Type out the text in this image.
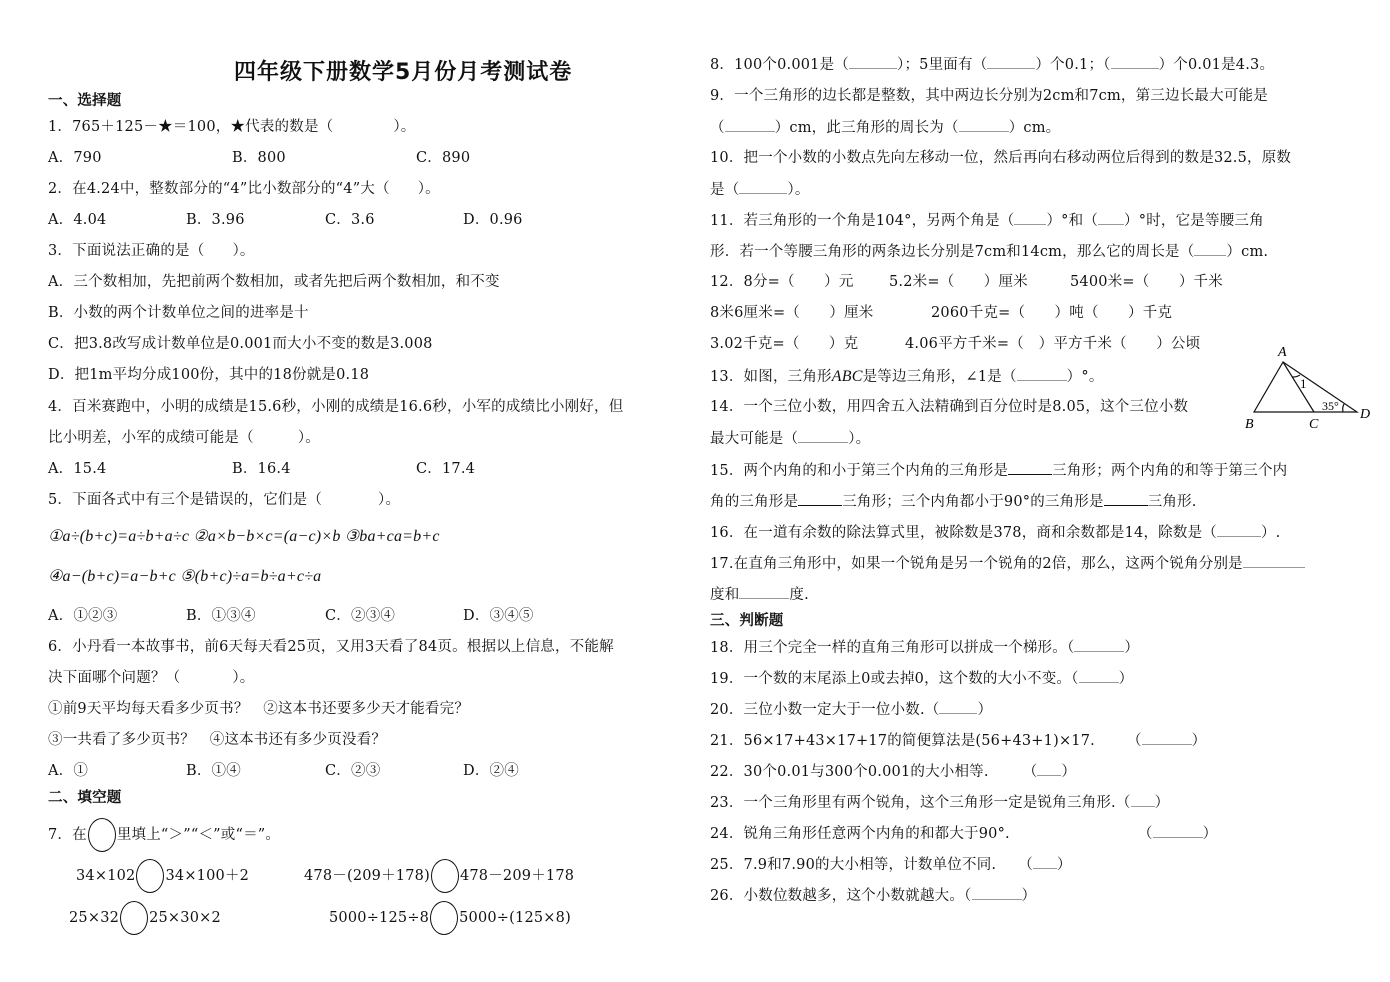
四年级下册数学5月份月考测试卷
一、选择题
1．765＋125－★＝100，★代表的数是（	）。
A．790	B．800	C．890
2．在4.24中，整数部分的“4”比小数部分的“4”大（ ）。
A．4.04	B．3.96	C．3.6	D．0.96
3．下面说法正确的是（ ）。
A．三个数相加，先把前两个数相加，或者先把后两个数相加，和不变
B．小数的两个计数单位之间的进率是十
C．把3.8改写成计数单位是0.001而大小不变的数是3.008
D．把1m平均分成100份，其中的18份就是0.18
4．百米赛跑中，小明的成绩是15.6秒，小刚的成绩是16.6秒，小军的成绩比小刚好，但
比小明差，小军的成绩可能是（	）。
A．15.4	B．16.4	C．17.4
5．下面各式中有三个是错误的，它们是（	）。
①a÷(b+c)=a÷b+a÷c ②a×b−b×c=(a−c)×b ③ba+ca=b+c
④a−(b+c)=a−b+c ⑤(b+c)÷a=b÷a+c÷a
A．①②③	B．①③④	C．②③④	D．③④⑤
6．小丹看一本故事书，前6天每天看25页，又用3天看了84页。根据以上信息，不能解
决下面哪个问题？（	）。
①前9天平均每天看多少页书？　②这本书还要多少天才能看完？
③一共看了多少页书？　④这本书还有多少页没看？
A．①	B．①④	C．②③	D．②④
二、填空题
7．在 里填上“＞”“＜”或“＝”。
34×102 34×100＋2	478－(209＋178) 478－209＋178
25×32 25×30×2	5000÷125÷8 5000÷(125×8)
8．100个0.001是（	）；5里面有（	）个0.1；（	）个0.01是4.3。
9．一个三角形的边长都是整数，其中两边长分别为2cm和7cm，第三边长最大可能是
（	）cm，此三角形的周长为（	）cm。
10．把一个小数的小数点先向左移动一位，然后再向右移动两位后得到的数是32.5，原数
是（	）。
11．若三角形的一个角是104°，另两个角是（ ）°和（ ）°时，它是等腰三角
形．若一个等腰三角形的两条边长分别是7cm和14cm，那么它的周长是（ ）cm.
12．8分=（　　）元 5.2米=（　　）厘米	5400米=（　　）千米
8米6厘米=（　　）厘米	2060千克=（　　）吨（　　）千克
3.02千克=（　　）克	4.06平方千米=（　）平方千米（　　）公顷
13．如图，三角形ABC是等边三角形，∠1是（	）°。
A
B	C
D
1
35°
14．一个三位小数，用四舍五入法精确到百分位时是8.05，这个三位小数
最大可能是（	）。
15．两个内角的和小于第三个内角的三角形是	三角形；两个内角的和等于第三个内
角的三角形是	三角形；三个内角都小于90°的三角形是	三角形.
16．在一道有余数的除法算式里，被除数是378，商和余数都是14，除数是（	）.
17.在直角三角形中，如果一个锐角是另一个锐角的2倍，那么，这两个锐角分别是
度和	度.
三、判断题
18．用三个完全一样的直角三角形可以拼成一个梯形。（	）
19．一个数的末尾添上0或去掉0，这个数的大小不变。（	）
20．三位小数一定大于一位小数.（	）
21．56×17+43×17+17的简便算法是(56+43+1)×17. （	）
22．30个0.01与300个0.001的大小相等. （ ）
23．一个三角形里有两个锐角，这个三角形一定是锐角三角形.（ ）
24．锐角三角形任意两个内角的和都大于90°.	（	）
25．7.9和7.90的大小相等，计数单位不同. （ ）
26．小数位数越多，这个小数就越大。（	）
